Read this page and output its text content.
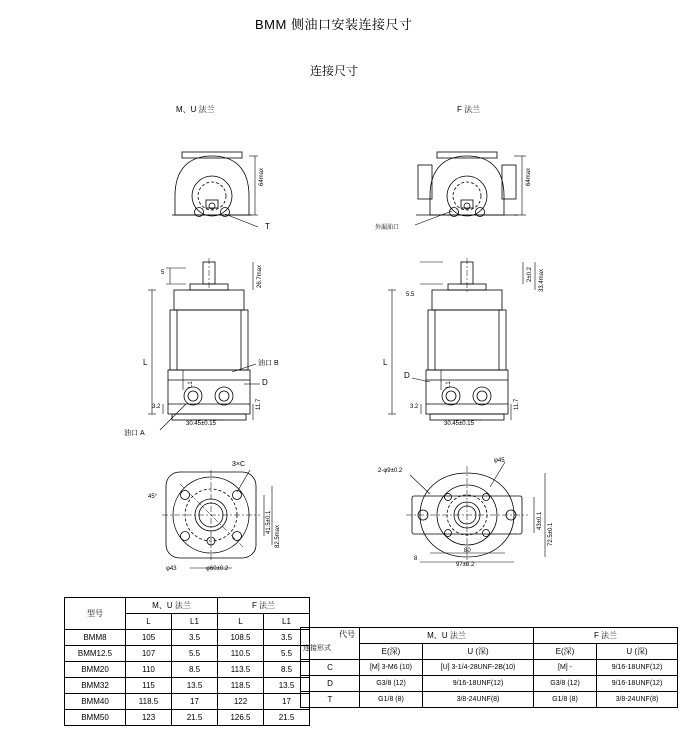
BMM 侧油口安装连接尺寸
连接尺寸
M、U 法兰	F 法兰
64max
T
64max
外漏油口
5	26.7max	33.4max
2±0.2
5.5
L
L1
3.2	11.7
30.45±0.15
油口 B
D
油口 A
L
L1
3.2	11.7
30.45±0.15
D
3×C
45°
φ43	φ60±0.2
41.5±0.1
82.5max
φ45
2-φ9±0.2
80
8
97±0.2
43±0.1
72.5±0.1
型号	M、U 法兰		F 法兰	
	L	L1	L	L1
BMM8	105	3.5	108.5	3.5
BMM12.5	107	5.5	110.5	5.5
BMM20	110	8.5	113.5	8.5
BMM32	115	13.5	118.5	13.5
BMM40	118.5	17	122	17
BMM50	123	21.5	126.5	21.5
代号
连接形式	M、U 法兰		F 法兰	
	E(深)	U (深)	E(深)	U (深)
C	[M] 3-M6 (10)	[U] 3-1/4-28UNF-2B(10)	[M] -	9/16-18UNF(12)
D	G3/8 (12)	9/16-18UNF(12)	G3/8 (12)	9/16-18UNF(12)
T	G1/8 (8)	3/8-24UNF(8)	G1/8 (8)	3/8-24UNF(8)
